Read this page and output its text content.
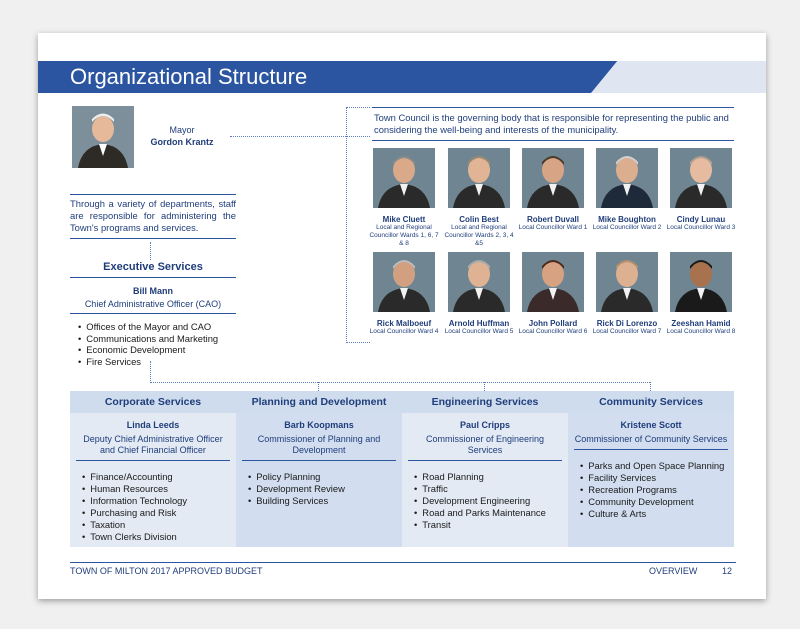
Organizational Structure
Mayor
Gordon Krantz
Through a variety of departments, staff are responsible for administering the Town's programs and services.
Executive Services
Bill Mann
Chief Administrative Officer (CAO)
• Offices of the Mayor and CAO
• Communications and Marketing
• Economic Development
• Fire Services
Town Council is the governing body that is responsible for representing the public and considering the well-being and interests of the municipality.
TOWN OF MILTON 2017 APPROVED BUDGET	OVERVIEW	12
Mike Cluett
Local and Regional Councillor Wards 1, 6, 7 & 8
Colin Best
Local and Regional Councillor Wards 2, 3, 4 &5
Robert Duvall
Local Councillor Ward 1
Mike Boughton
Local Councillor Ward 2
Cindy Lunau
Local Councillor Ward 3
Rick Malboeuf
Local Councillor Ward 4
Arnold Huffman
Local Councillor Ward 5
John Pollard
Local Councillor Ward 6
Rick Di Lorenzo
Local Councillor Ward 7
Zeeshan Hamid
Local Councillor Ward 8
Corporate Services
Linda Leeds
Deputy Chief Administrative Officer and Chief Financial Officer
• Finance/Accounting
• Human Resources
• Information Technology
• Purchasing and Risk
• Taxation
• Town Clerks Division
Planning and Development
Barb Koopmans
Commissioner of Planning and Development
• Policy Planning
• Development Review
• Building Services
Engineering Services
Paul Cripps
Commissioner of Engineering Services
• Road Planning
• Traffic
• Development Engineering
• Road and Parks Maintenance
• Transit
Community Services
Kristene Scott
Commissioner of Community Services
• Parks and Open Space Planning
• Facility Services
• Recreation Programs
• Community Development
• Culture & Arts
